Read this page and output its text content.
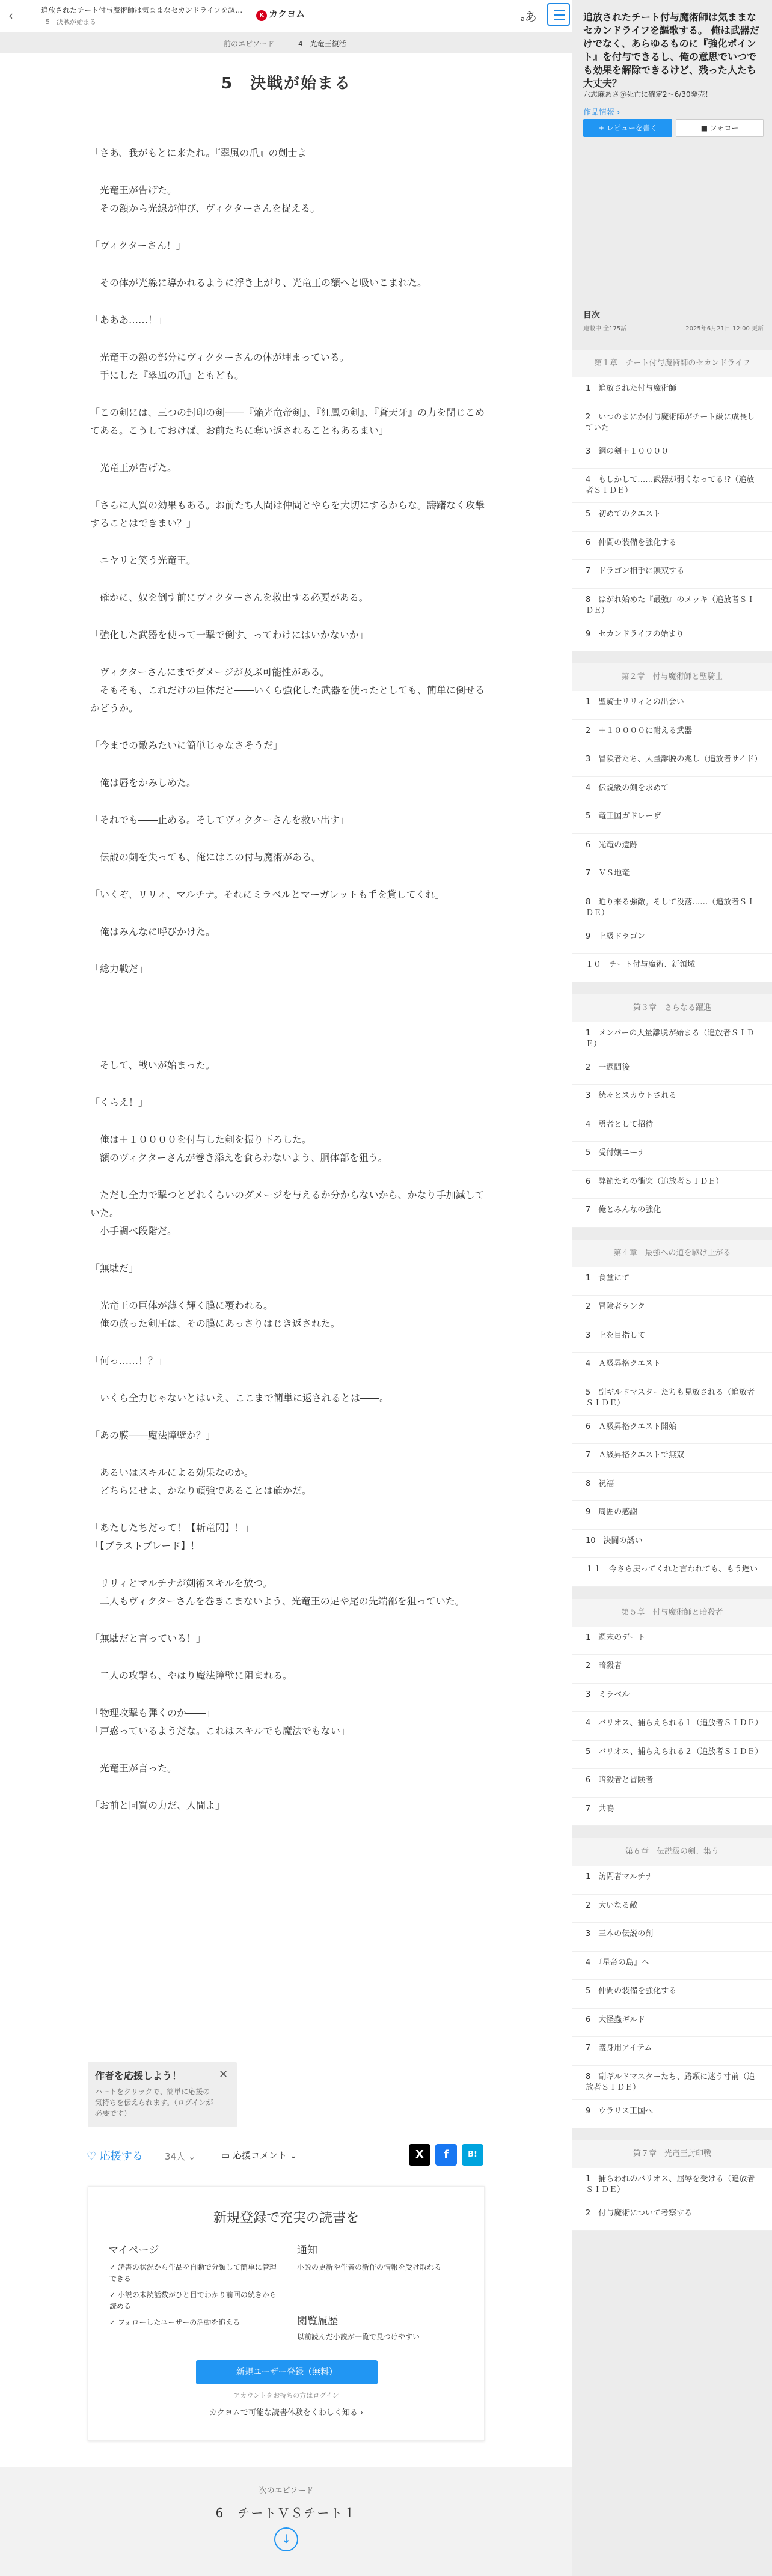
‹	追放されたチート付与魔術師は気ままなセカンドライフを謳…
5　決戦が始まる
K カクヨム	aあ
前のエピソード	4　光竜王復活
5　決戦が始まる

「さあ、我がもとに来たれ。『翠風の爪』の剣士よ」

　光竜王が告げた。
　その額から光線が伸び、ヴィクターさんを捉える。

「ヴィクターさん！」

　その体が光線に導かれるように浮き上がり、光竜王の額へと吸いこまれた。

「あああ……！」

　光竜王の額の部分にヴィクターさんの体が埋まっている。
　手にした『翠風の爪』ともども。

「この剣には、三つの封印の剣――『焔光竜帝剣』、『紅鳳の剣』、『蒼天牙』の力を閉じこめてある。こうしておけば、お前たちに奪い返されることもあるまい」

　光竜王が告げた。

「さらに人質の効果もある。お前たち人間は仲間とやらを大切にするからな。躊躇なく攻撃することはできまい？」

　ニヤリと笑う光竜王。

　確かに、奴を倒す前にヴィクターさんを救出する必要がある。

「強化した武器を使って一撃で倒す、ってわけにはいかないか」

　ヴィクターさんにまでダメージが及ぶ可能性がある。
　そもそも、これだけの巨体だと――いくら強化した武器を使ったとしても、簡単に倒せるかどうか。

「今までの敵みたいに簡単じゃなさそうだ」

　俺は唇をかみしめた。

「それでも――止める。そしてヴィクターさんを救い出す」

　伝説の剣を失っても、俺にはこの付与魔術がある。

「いくぞ、リリィ、マルチナ。それにミラベルとマーガレットも手を貸してくれ」

　俺はみんなに呼びかけた。

「総力戦だ」

　そして、戦いが始まった。

「くらえ！」

　俺は＋１００００を付与した剣を振り下ろした。
　額のヴィクターさんが巻き添えを食らわないよう、胴体部を狙う。

　ただし全力で撃つとどれくらいのダメージを与えるか分からないから、かなり手加減していた。
　小手調べ段階だ。

「無駄だ」

　光竜王の巨体が薄く輝く膜に覆われる。
　俺の放った剣圧は、その膜にあっさりはじき返された。

「何っ……！？」

　いくら全力じゃないとはいえ、ここまで簡単に返されるとは――。

「あの膜――魔法障壁か？」

　あるいはスキルによる効果なのか。
　どちらにせよ、かなり頑強であることは確かだ。

「あたしたちだって！【斬竜閃】！」
「【ブラストブレード】！」

　リリィとマルチナが剣術スキルを放つ。
　二人もヴィクターさんを巻きこまないよう、光竜王の足や尾の先端部を狙っていた。

「無駄だと言っている！」

　二人の攻撃も、やはり魔法障壁に阻まれる。

「物理攻撃も弾くのか――」
「戸惑っているようだな。これはスキルでも魔法でもない」

　光竜王が言った。

「お前と同質の力だ、人間よ」

作者を応援しよう！
ハートをクリックで、簡単に応援の気持ちを伝えられます。（ログインが必要です）
✕
♡ 応援する 34人 ⌄	▭ 応援コメント ⌄	X	f	B!
新規登録で充実の読書を
マイページ
✓ 読書の状況から作品を自動で分類して簡単に管理できる
✓ 小説の未読話数がひと目でわかり前回の続きから読める
✓ フォローしたユーザーの活動を追える
通知
小説の更新や作者の新作の情報を受け取れる
閲覧履歴
以前読んだ小説が一覧で見つけやすい
新規ユーザー登録（無料）
アカウントをお持ちの方はログイン
カクヨムで可能な読書体験をくわしく知る ›
次のエピソード
6　チートＶＳチート１
↓
追放されたチート付与魔術師は気ままなセカンドライフを謳歌する。 俺は武器だけでなく、あらゆるものに『強化ポイント』を付与できるし、俺の意思でいつでも効果を解除できるけど、残った人たち大丈夫？
六志麻あさ＠死亡に確定2〜6/30発売！
作品情報 ›
+ レビューを書く	■ フォロー
目次
連載中 全175話	2025年6月21日 12:00 更新
第１章　チート付与魔術師のセカンドライフ
1　追放された付与魔術師
2　いつのまにか付与魔術師がチート級に成長していた
3　鋼の剣＋１００００
4　もしかして……武器が弱くなってる!?（追放者ＳＩＤＥ）
5　初めてのクエスト
6　仲間の装備を強化する
7　ドラゴン相手に無双する
8　はがれ始めた『最強』のメッキ（追放者ＳＩＤＥ）
9　セカンドライフの始まり
第２章　付与魔術師と聖騎士
1　聖騎士リリィとの出会い
2　＋１００００に耐える武器
3　冒険者たち、大量離脱の兆し（追放者サイド）
4　伝説級の剣を求めて
5　竜王国ガドレーザ
6　光竜の遺跡
7　ＶＳ地竜
8　迫り来る強敵。そして没落……（追放者ＳＩＤＥ）
9　上級ドラゴン
１０　チート付与魔術、新領域
第３章　さらなる躍進
1　メンバーの大量離脱が始まる（追放者ＳＩＤＥ）
2　一週間後
3　続々とスカウトされる
4　勇者として招待
5　受付嬢ニーナ
6　弊節たちの衝突（追放者ＳＩＤＥ）
7　俺とみんなの強化
第４章　最強への道を駆け上がる
1　食堂にて
2　冒険者ランク
3　上を目指して
4　Ａ級昇格クエスト
5　副ギルドマスターたちも見放される（追放者ＳＩＤＥ）
6　Ａ級昇格クエスト開始
7　Ａ級昇格クエストで無双
8　祝福
9　周囲の感謝
10　決闘の誘い
１１　今さら戻ってくれと言われても、もう遅い
第５章　付与魔術師と暗殺者
1　週末のデート
2　暗殺者
3　ミラベル
4　バリオス、捕らえられる１（追放者ＳＩＤＥ）
5　バリオス、捕らえられる２（追放者ＳＩＤＥ）
6　暗殺者と冒険者
7　共鳴
第６章　伝説級の剣、集う
1　訪問者マルチナ
2　大いなる敵
3　三本の伝説の剣
4　『星帝の島』へ
5　仲間の装備を強化する
6　大怪蟲ギルド
7　護身用アイテム
8　副ギルドマスターたち、路頭に迷う寸前（追放者ＳＩＤＥ）
9　ウラリス王国へ
第７章　光竜王封印戦
1　捕らわれのバリオス、屈辱を受ける（追放者ＳＩＤＥ）
2　付与魔術について考察する
